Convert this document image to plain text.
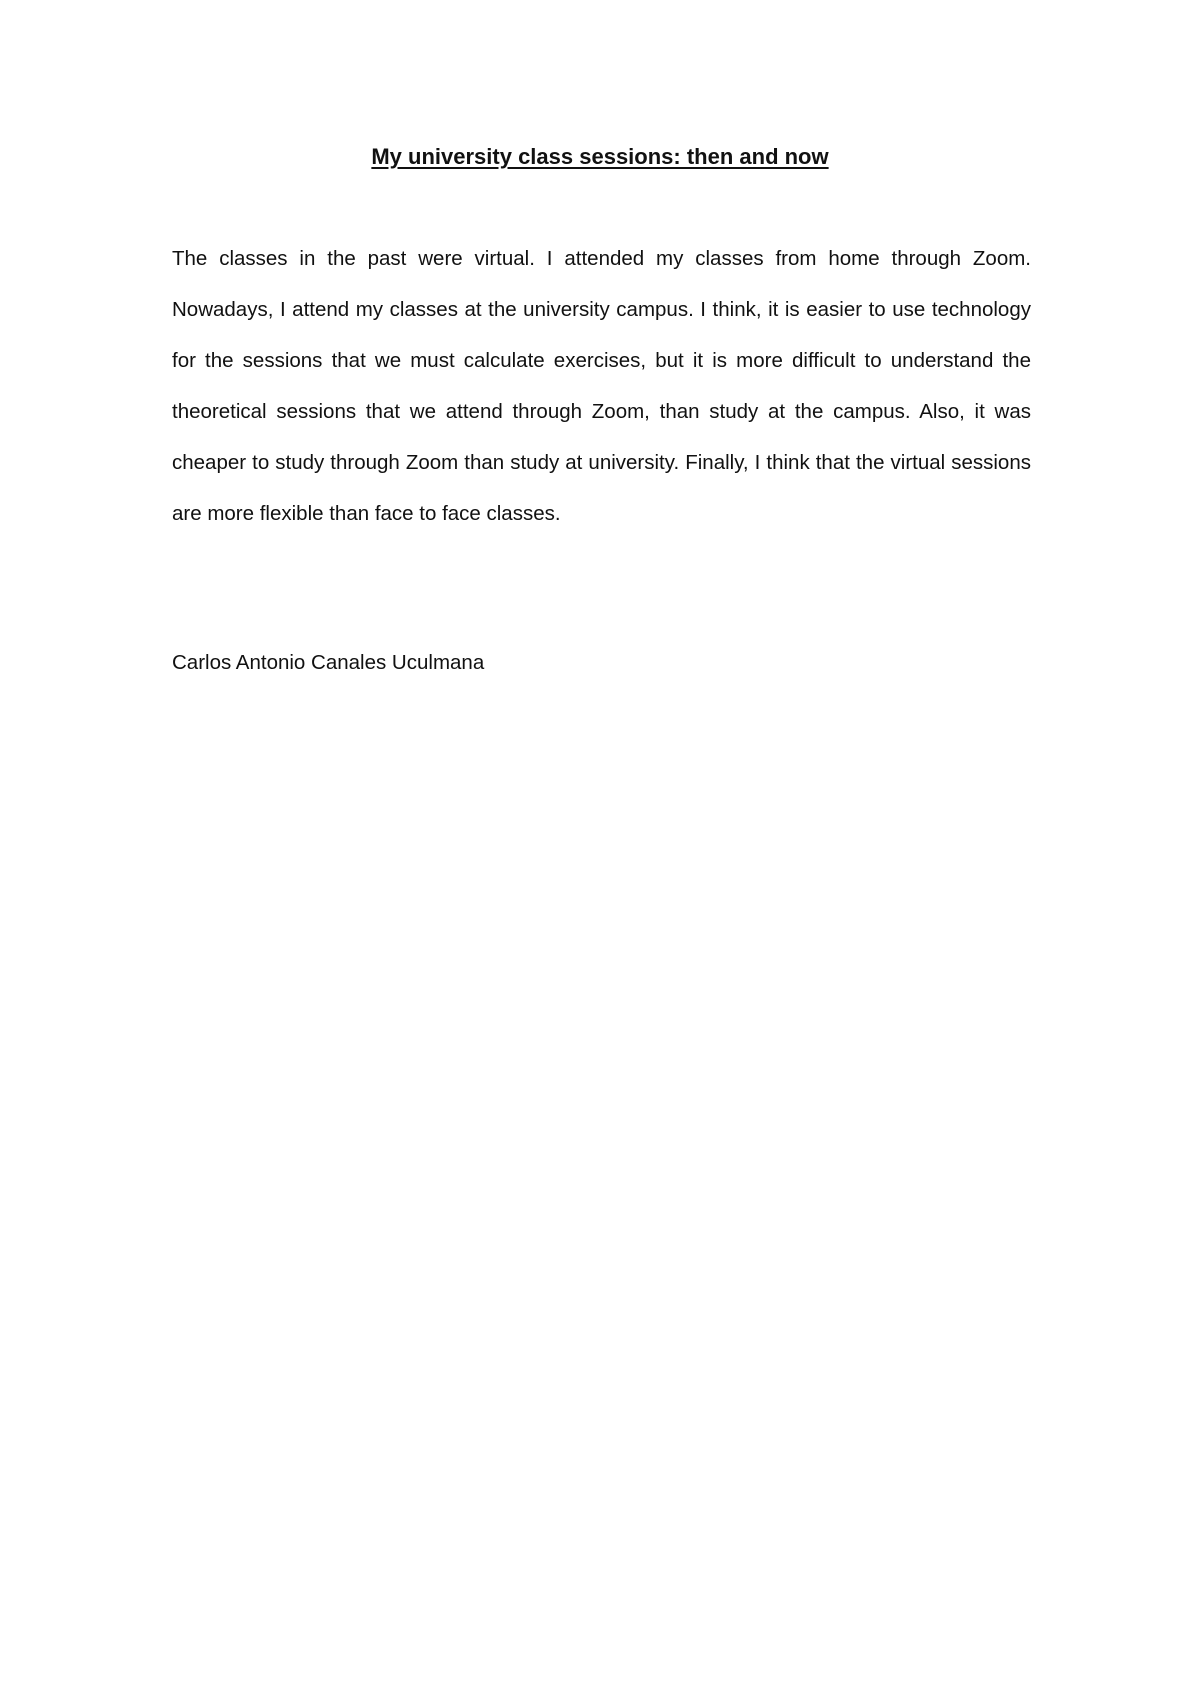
My university class sessions: then and now

The classes in the past were virtual. I attended my classes from home through Zoom. Nowadays, I attend my classes at the university campus. I think, it is easier to use technology for the sessions that we must calculate exercises, but it is more difficult to understand the theoretical sessions that we attend through Zoom, than study at the campus. Also, it was cheaper to study through Zoom than study at university. Finally, I think that the virtual sessions are more flexible than face to face classes.

Carlos Antonio Canales Uculmana
